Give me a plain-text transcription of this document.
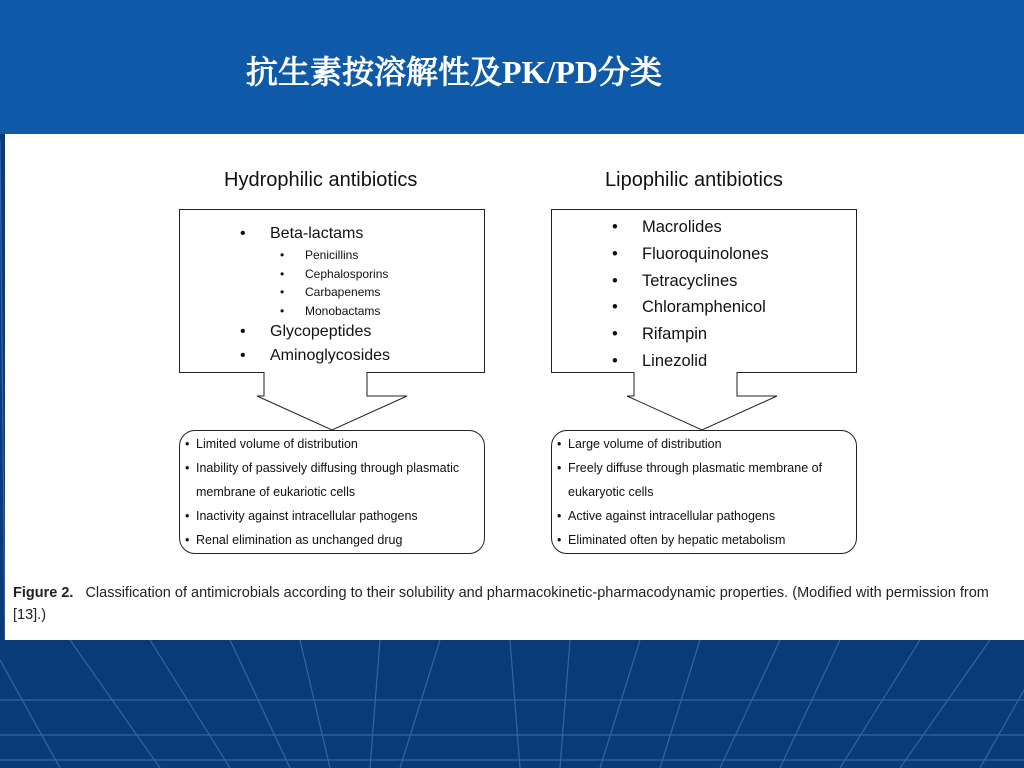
抗生素按溶解性及PK/PD分类
Hydrophilic antibiotics	Lipophilic antibiotics
• Beta-lactams
• Penicillins
• Cephalosporins
• Carbapenems
• Monobactams
• Glycopeptides
• Aminoglycosides
• Macrolides
• Fluoroquinolones
• Tetracyclines
• Chloramphenicol
• Rifampin
• Linezolid
• Limited volume of distribution
• Inability of passively diffusing through plasmatic
membrane of eukariotic cells
• Inactivity against intracellular pathogens
• Renal elimination as unchanged drug
• Large volume of distribution
• Freely diffuse through plasmatic membrane of
eukaryotic cells
• Active against intracellular pathogens
• Eliminated often by hepatic metabolism

Figure 2. Classification of antimicrobials according to their solubility and pharmacokinetic-pharmacodynamic properties. (Modified with permission from [13].)
